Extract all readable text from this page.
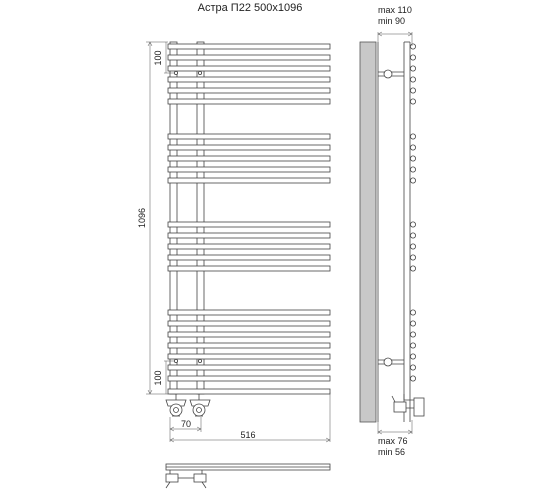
Астра П22 500х1096
100
1096
100
70
516
max 110
min 90
max 76
min 56
